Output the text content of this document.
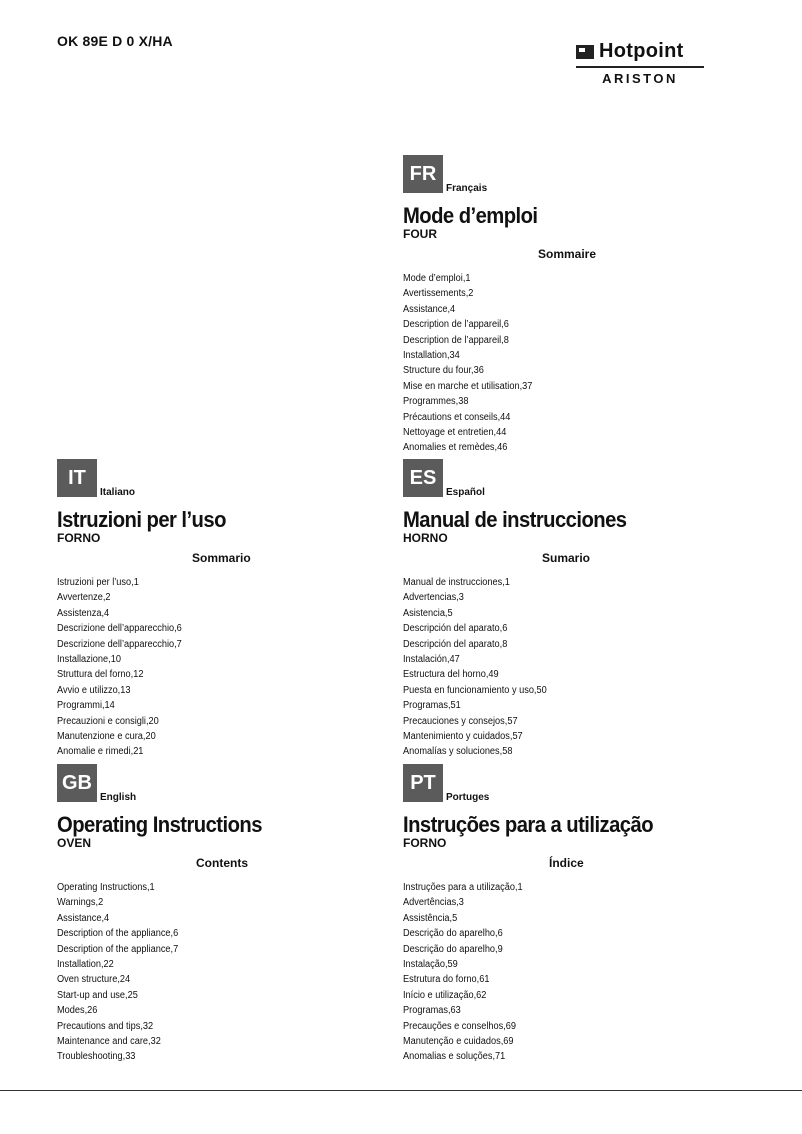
OK 89E D 0 X/HA	Hotpoint
ARISTON
FR
Français
Mode d’emploi
FOUR
Sommaire
Mode d’emploi,1
Avertissements,2
Assistance,4
Description de l’appareil,6
Description de l’appareil,8
Installation,34
Structure du four,36
Mise en marche et utilisation,37
Programmes,38
Précautions et conseils,44
Nettoyage et entretien,44
Anomalies et remèdes,46
IT
Italiano
Istruzioni per l’uso
FORNO
Sommario
Istruzioni per l’uso,1
Avvertenze,2
Assistenza,4
Descrizione dell’apparecchio,6
Descrizione dell’apparecchio,7
Installazione,10
Struttura del forno,12
Avvio e utilizzo,13
Programmi,14
Precauzioni e consigli,20
Manutenzione e cura,20
Anomalie e rimedi,21
ES
Español
Manual de instrucciones
HORNO
Sumario
Manual de instrucciones,1
Advertencias,3
Asistencia,5
Descripción del aparato,6
Descripción del aparato,8
Instalación,47
Estructura del horno,49
Puesta en funcionamiento y uso,50
Programas,51
Precauciones y consejos,57
Mantenimiento y cuidados,57
Anomalías y soluciones,58
GB
English
Operating Instructions
OVEN
Contents
Operating Instructions,1
Warnings,2
Assistance,4
Description of the appliance,6
Description of the appliance,7
Installation,22
Oven structure,24
Start-up and use,25
Modes,26
Precautions and tips,32
Maintenance and care,32
Troubleshooting,33
PT
Portuges
Instruções para a utilização
FORNO
Índice
Instruções para a utilização,1
Advertências,3
Assistência,5
Descrição do aparelho,6
Descrição do aparelho,9
Instalação,59
Estrutura do forno,61
Início e utilização,62
Programas,63
Precauções e conselhos,69
Manutenção e cuidados,69
Anomalias e soluções,71
